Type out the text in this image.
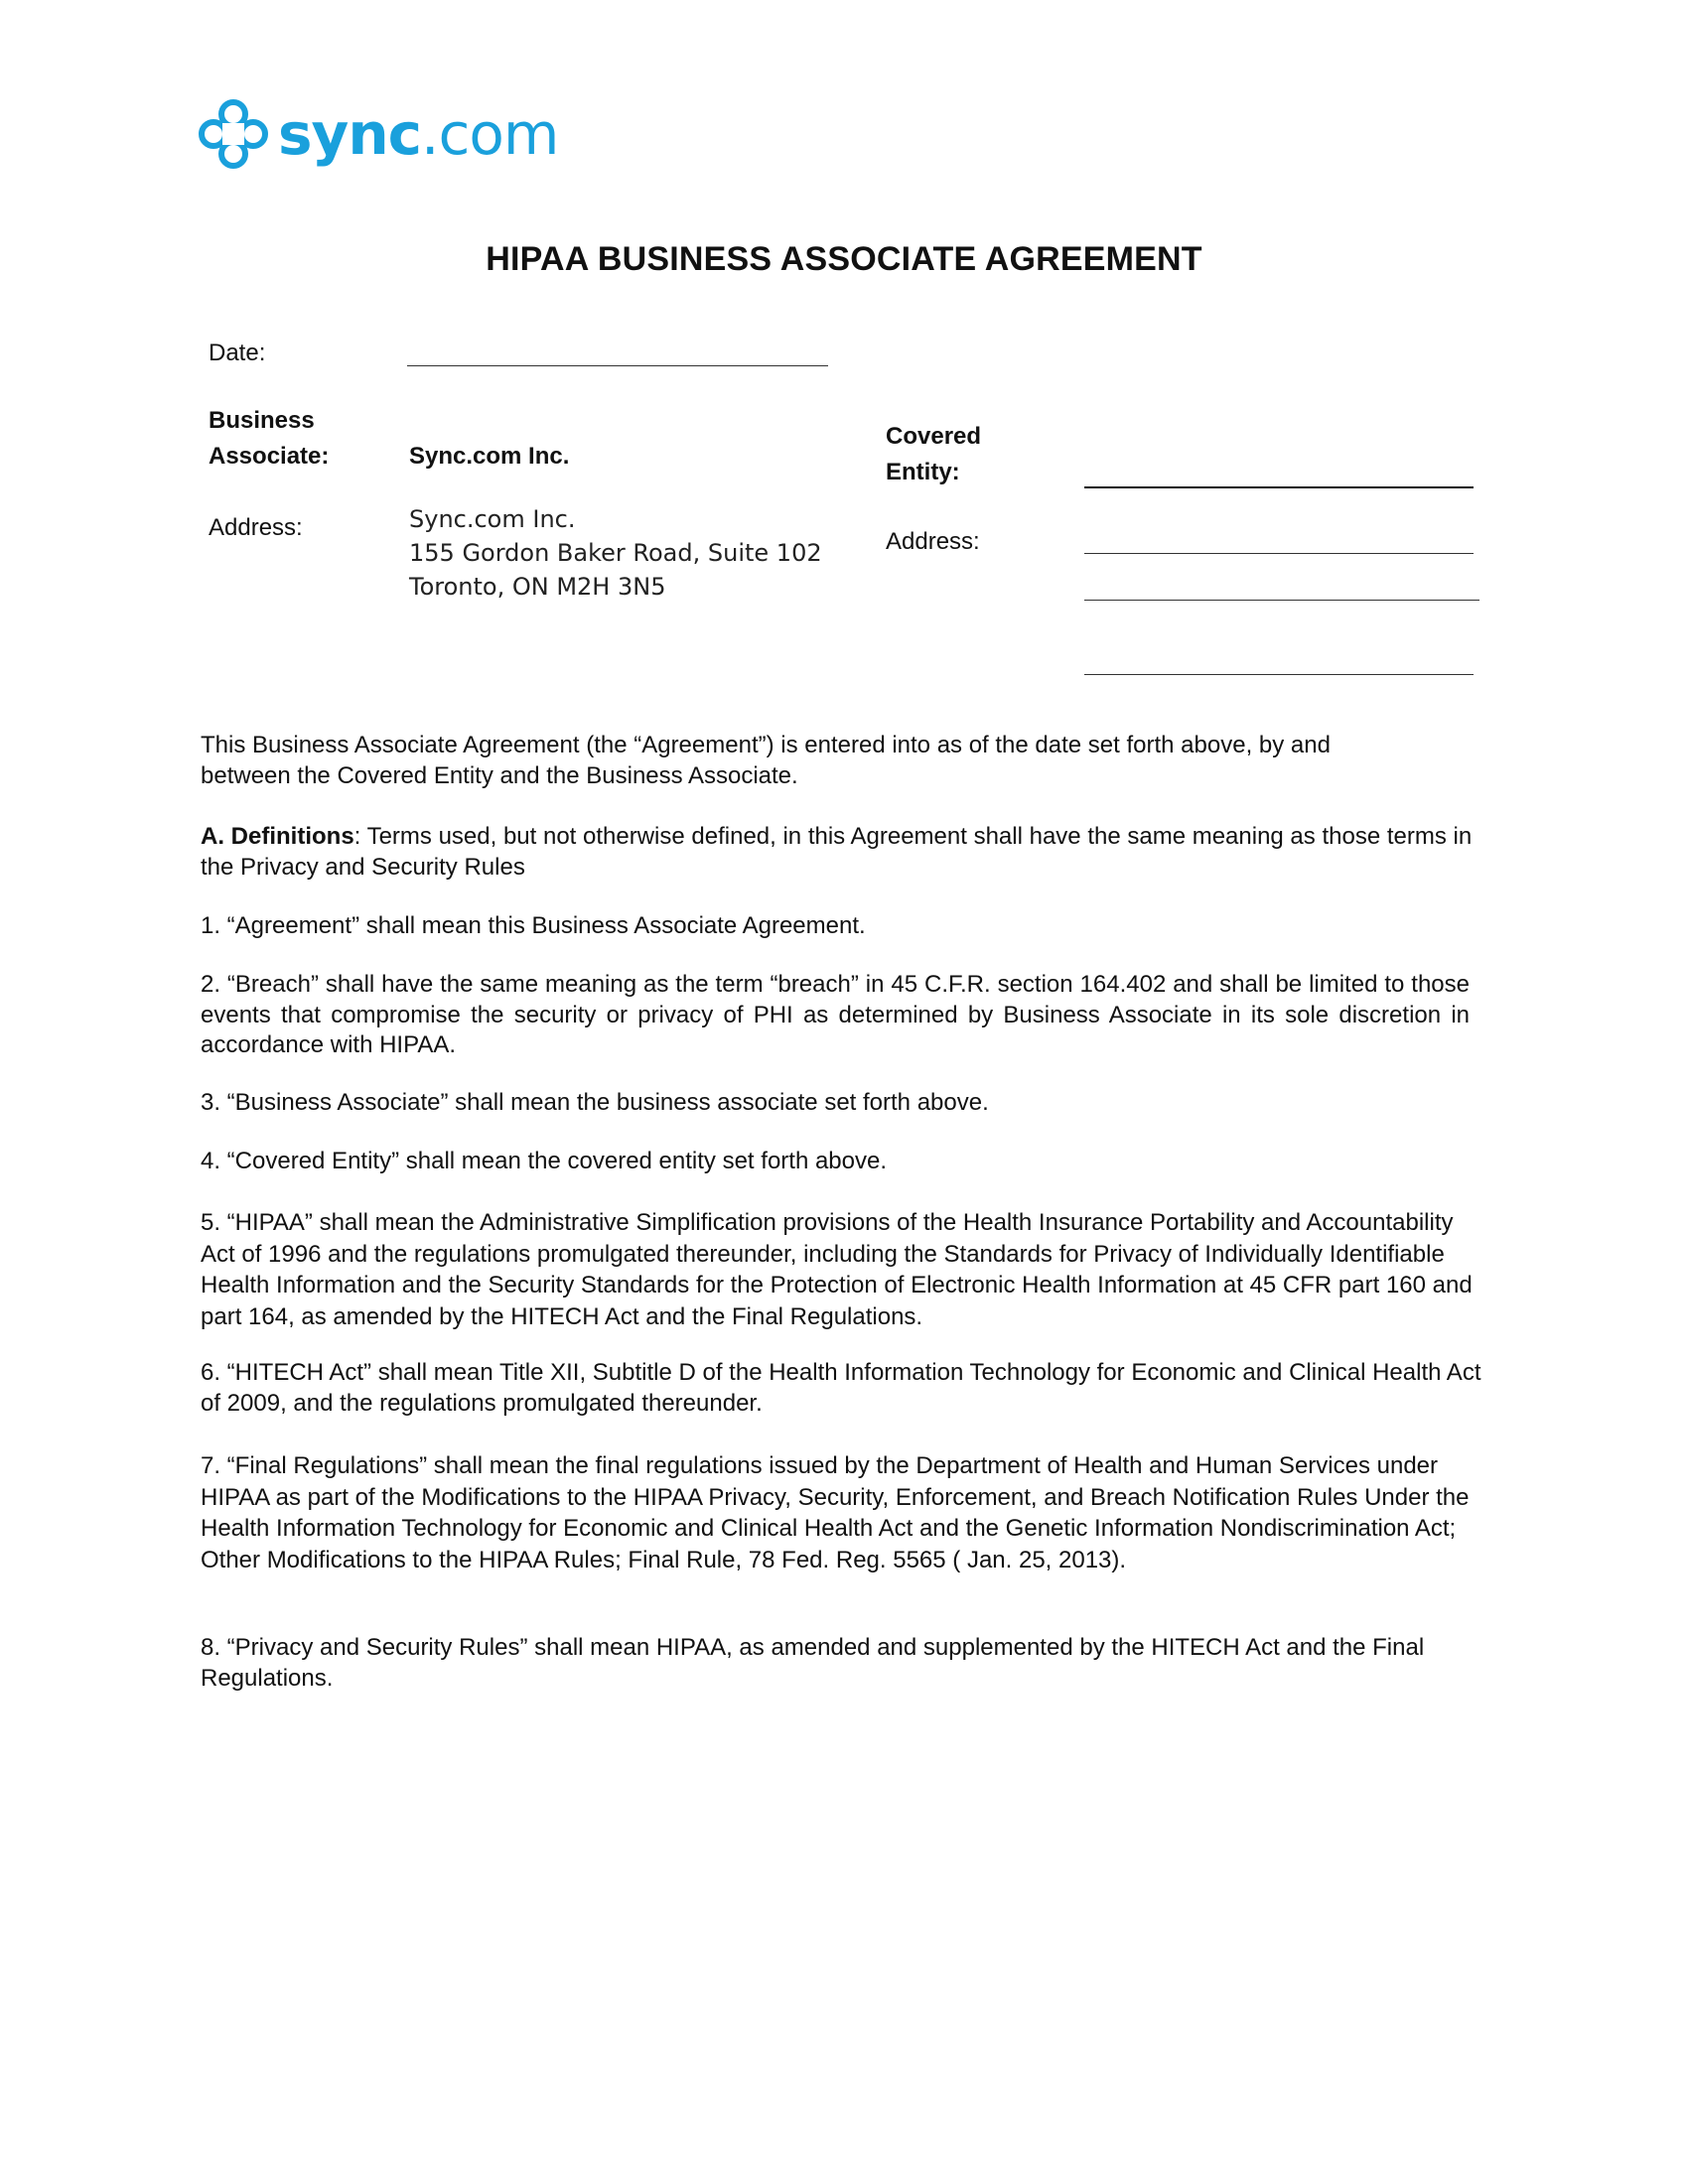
sync.com
HIPAA BUSINESS ASSOCIATE AGREEMENT
Date:
Business
Associate:	Sync.com Inc.
Address:	Sync.com Inc.
155 Gordon Baker Road, Suite 102
Toronto, ON M2H 3N5
Covered
Entity:
Address:

This Business Associate Agreement (the “Agreement”) is entered into as of the date set forth above, by and between the Covered Entity and the Business Associate.

A. Definitions: Terms used, but not otherwise defined, in this Agreement shall have the same meaning as those terms in the Privacy and Security Rules

1. “Agreement” shall mean this Business Associate Agreement.

2. “Breach” shall have the same meaning as the term “breach” in 45 C.F.R. section 164.402 and shall be limited to those events that compromise the security or privacy of PHI as determined by Business Associate in its sole discretion in accordance with HIPAA.

3. “Business Associate” shall mean the business associate set forth above.

4. “Covered Entity” shall mean the covered entity set forth above.

5. “HIPAA” shall mean the Administrative Simplification provisions of the Health Insurance Portability and Accountability Act of 1996 and the regulations promulgated thereunder, including the Standards for Privacy of Individually Identifiable Health Information and the Security Standards for the Protection of Electronic Health Information at 45 CFR part 160 and part 164, as amended by the HITECH Act and the Final Regulations.

6. “HITECH Act” shall mean Title XII, Subtitle D of the Health Information Technology for Economic and Clinical Health Act of 2009, and the regulations promulgated thereunder.

7. “Final Regulations” shall mean the final regulations issued by the Department of Health and Human Services under HIPAA as part of the Modifications to the HIPAA Privacy, Security, Enforcement, and Breach Notification Rules Under the Health Information Technology for Economic and Clinical Health Act and the Genetic Information Nondiscrimination Act; Other Modifications to the HIPAA Rules; Final Rule, 78 Fed. Reg. 5565 ( Jan. 25, 2013).

8. “Privacy and Security Rules” shall mean HIPAA, as amended and supplemented by the HITECH Act and the Final Regulations.
